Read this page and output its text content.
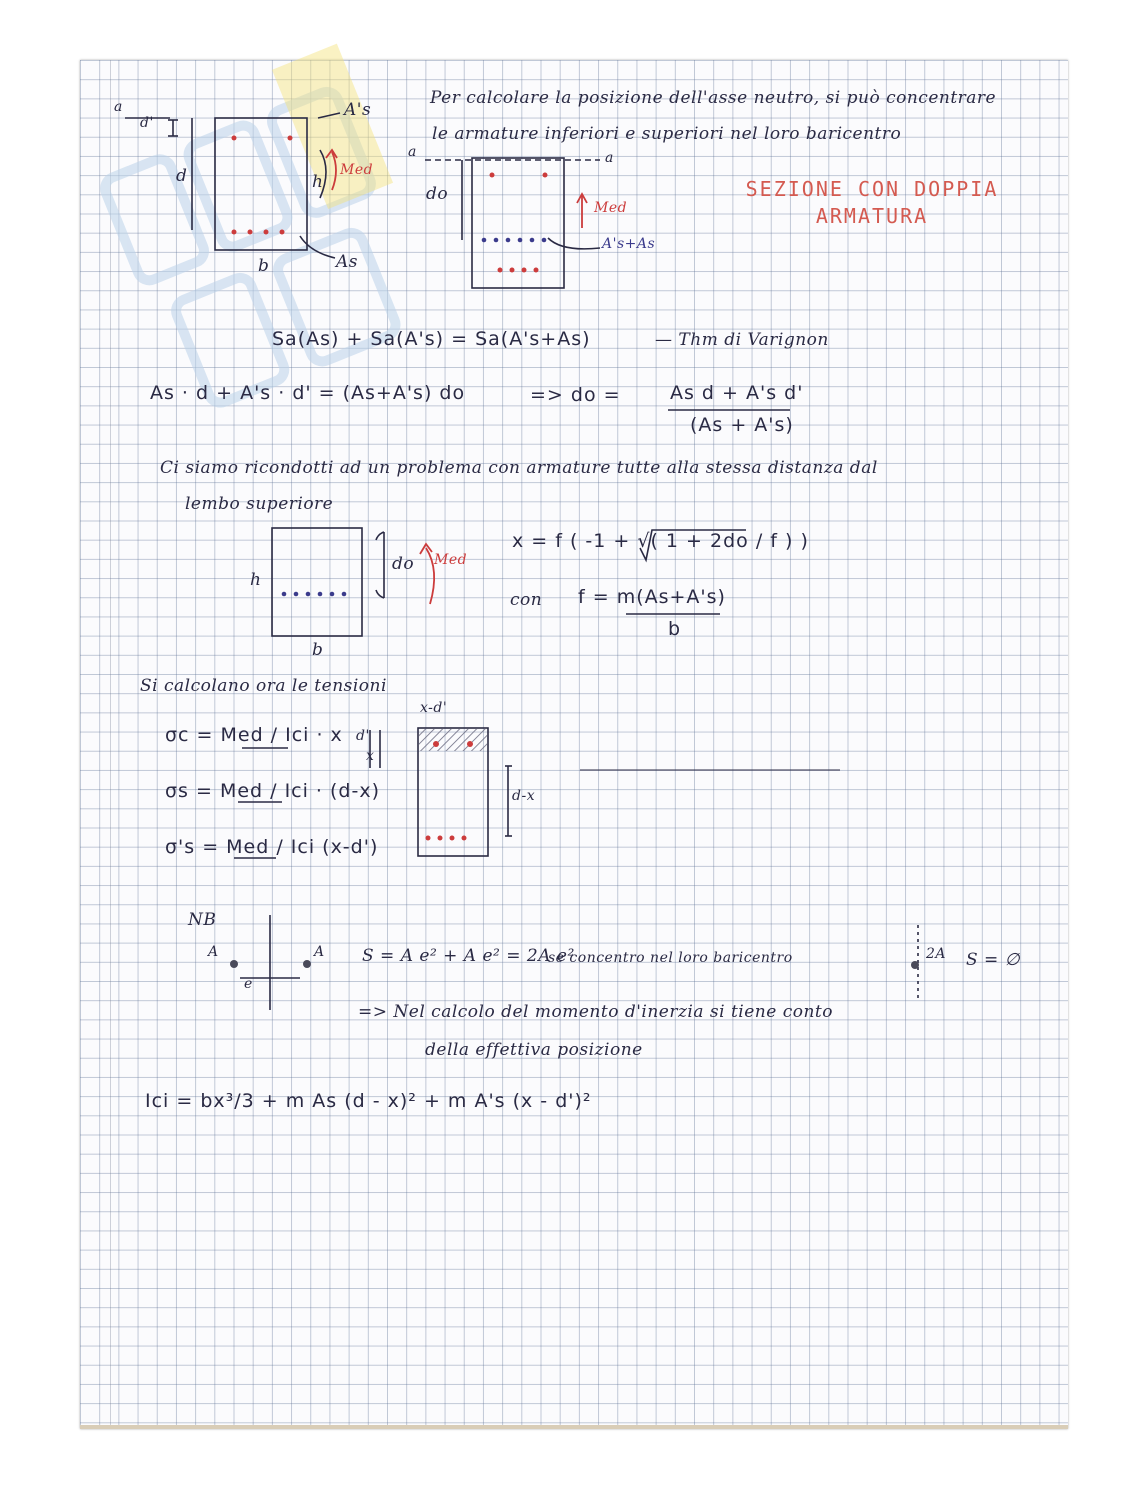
Per calcolare la posizione dell'asse neutro, si può concentrare
le armature inferiori e superiori nel loro baricentro
SEZIONE CON DOPPIA
ARMATURA
d'
a
d	h
Med
A's
As
b
a	a
do
Med
A's+As
Sa(As) + Sa(A's) = Sa(A's+As)	— Thm di Varignon
As · d + A's · d' = (As+A's) do	=> do =	As d + A's d'
(As + A's)
Ci siamo ricondotti ad un problema con armature tutte alla stessa distanza dal
lembo superiore
h
b
do Med
x = f ( -1 + √( 1 + 2do / f ) )
con f = m(As+A's)
b
Si calcolano ora le tensioni
σc = Med / Ici · x
σs = Med / Ici · (d-x)
σ's = Med / Ici (x-d')
x-d'
d-x
d'
x
NB
A	A
e
S = A e² + A e² = 2A e²
se concentro nel loro baricentro	2A S = ∅
=> Nel calcolo del momento d'inerzia si tiene conto
della effettiva posizione
Ici = bx³/3 + m As (d - x)² + m A's (x - d')²
